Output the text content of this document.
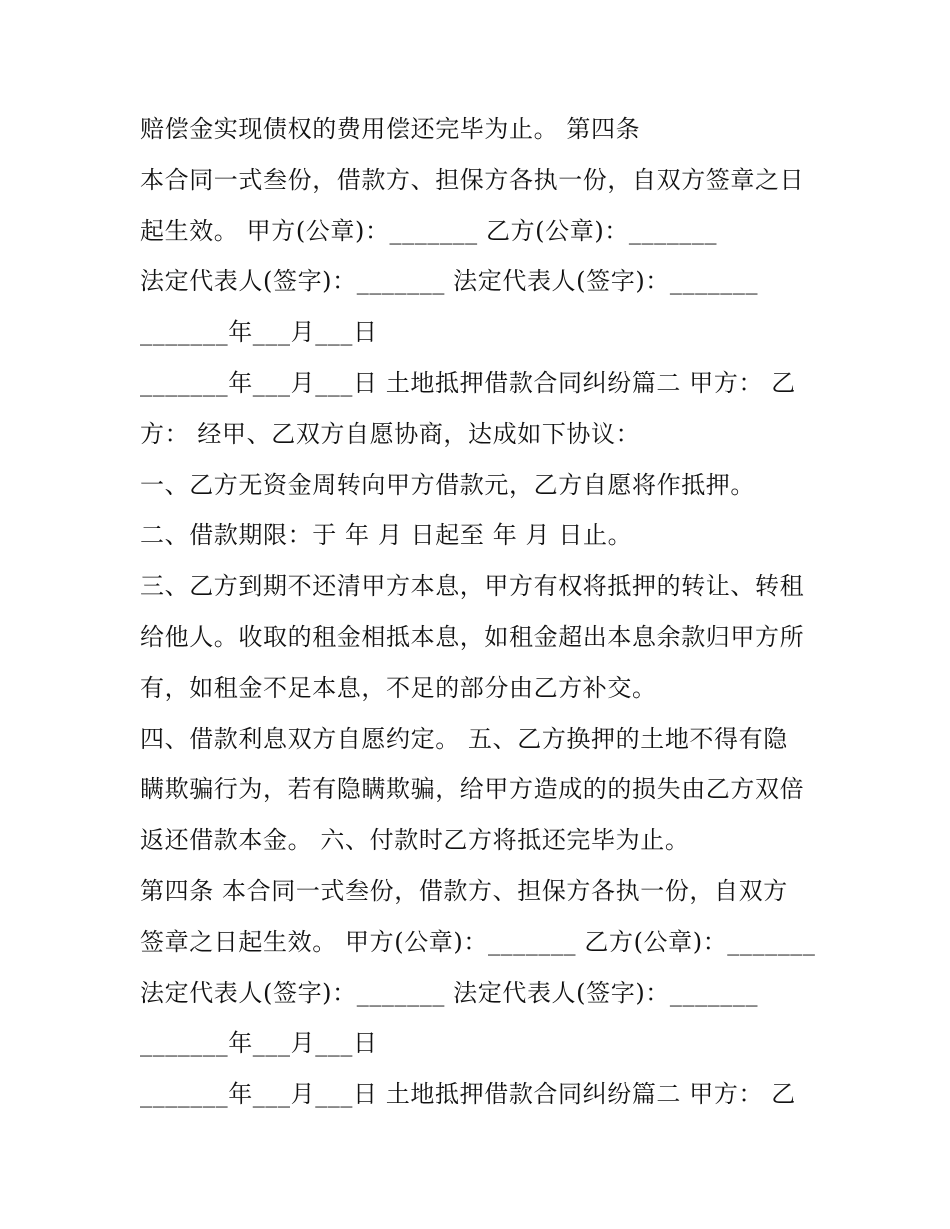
赔偿金实现债权的费用偿还完毕为止。 第四条
本合同一式叁份，借款方、担保方各执一份，自双方签章之日
起生效。 甲方(公章)：_______ 乙方(公章)：_______
法定代表人(签字)：_______ 法定代表人(签字)：_______
_______年___月___日
_______年___月___日 土地抵押借款合同纠纷篇二 甲方： 乙
方： 经甲、乙双方自愿协商，达成如下协议：
一、乙方无资金周转向甲方借款元，乙方自愿将作抵押。
二、借款期限：于 年 月 日起至 年 月 日止。
三、乙方到期不还清甲方本息，甲方有权将抵押的转让、转租
给他人。收取的租金相抵本息，如租金超出本息余款归甲方所
有，如租金不足本息，不足的部分由乙方补交。
四、借款利息双方自愿约定。 五、乙方换押的土地不得有隐
瞒欺骗行为，若有隐瞒欺骗，给甲方造成的的损失由乙方双倍
返还借款本金。 六、付款时乙方将抵还完毕为止。
第四条 本合同一式叁份，借款方、担保方各执一份，自双方
签章之日起生效。 甲方(公章)：_______ 乙方(公章)：_______
法定代表人(签字)：_______ 法定代表人(签字)：_______
_______年___月___日
_______年___月___日 土地抵押借款合同纠纷篇二 甲方： 乙
